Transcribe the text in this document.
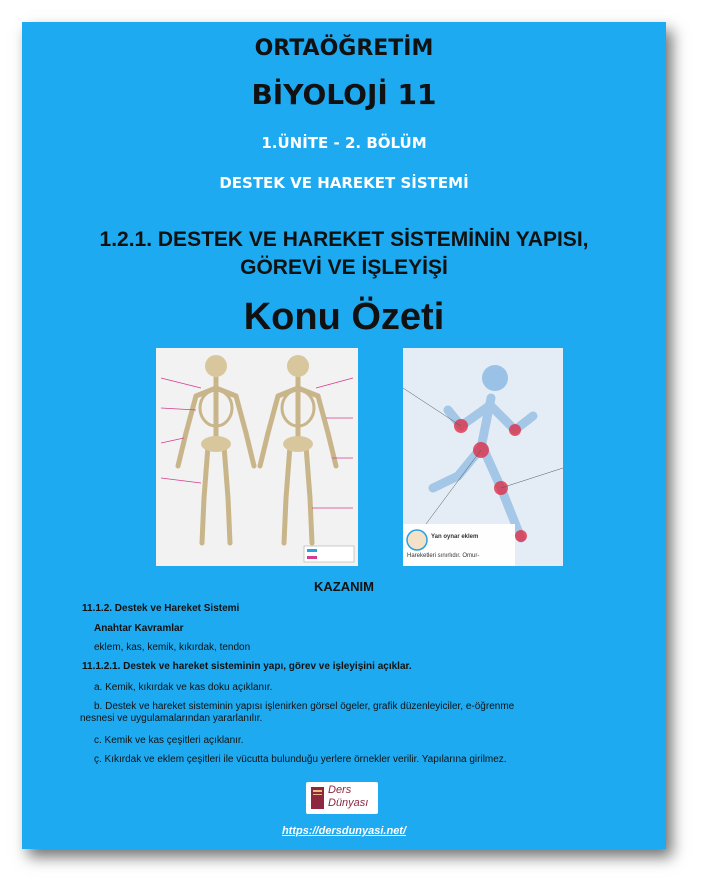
ORTAÖĞRETİM
BİYOLOJİ 11
1.ÜNİTE - 2. BÖLÜM
DESTEK VE HAREKET SİSTEMİ
1.2.1. DESTEK VE HAREKET SİSTEMİNİN YAPISI,
GÖREVİ VE İŞLEYİŞİ
Konu Özeti
Yan oynar eklem
Hareketleri sınırlıdır. Omur-
KAZANIM
11.1.2. Destek ve Hareket Sistemi
Anahtar Kavramlar
eklem, kas, kemik, kıkırdak, tendon
11.1.2.1. Destek ve hareket sisteminin yapı, görev ve işleyişini açıklar.
a. Kemik, kıkırdak ve kas doku açıklanır.
b. Destek ve hareket sisteminin yapısı işlenirken görsel ögeler, grafik düzenleyiciler, e-öğrenme
nesnesi ve uygulamalarından yararlanılır.
c. Kemik ve kas çeşitleri açıklanır.
ç. Kıkırdak ve eklem çeşitleri ile vücutta bulunduğu yerlere örnekler verilir. Yapılarına girilmez.
Ders
Dünyası
https://dersdunyasi.net/
